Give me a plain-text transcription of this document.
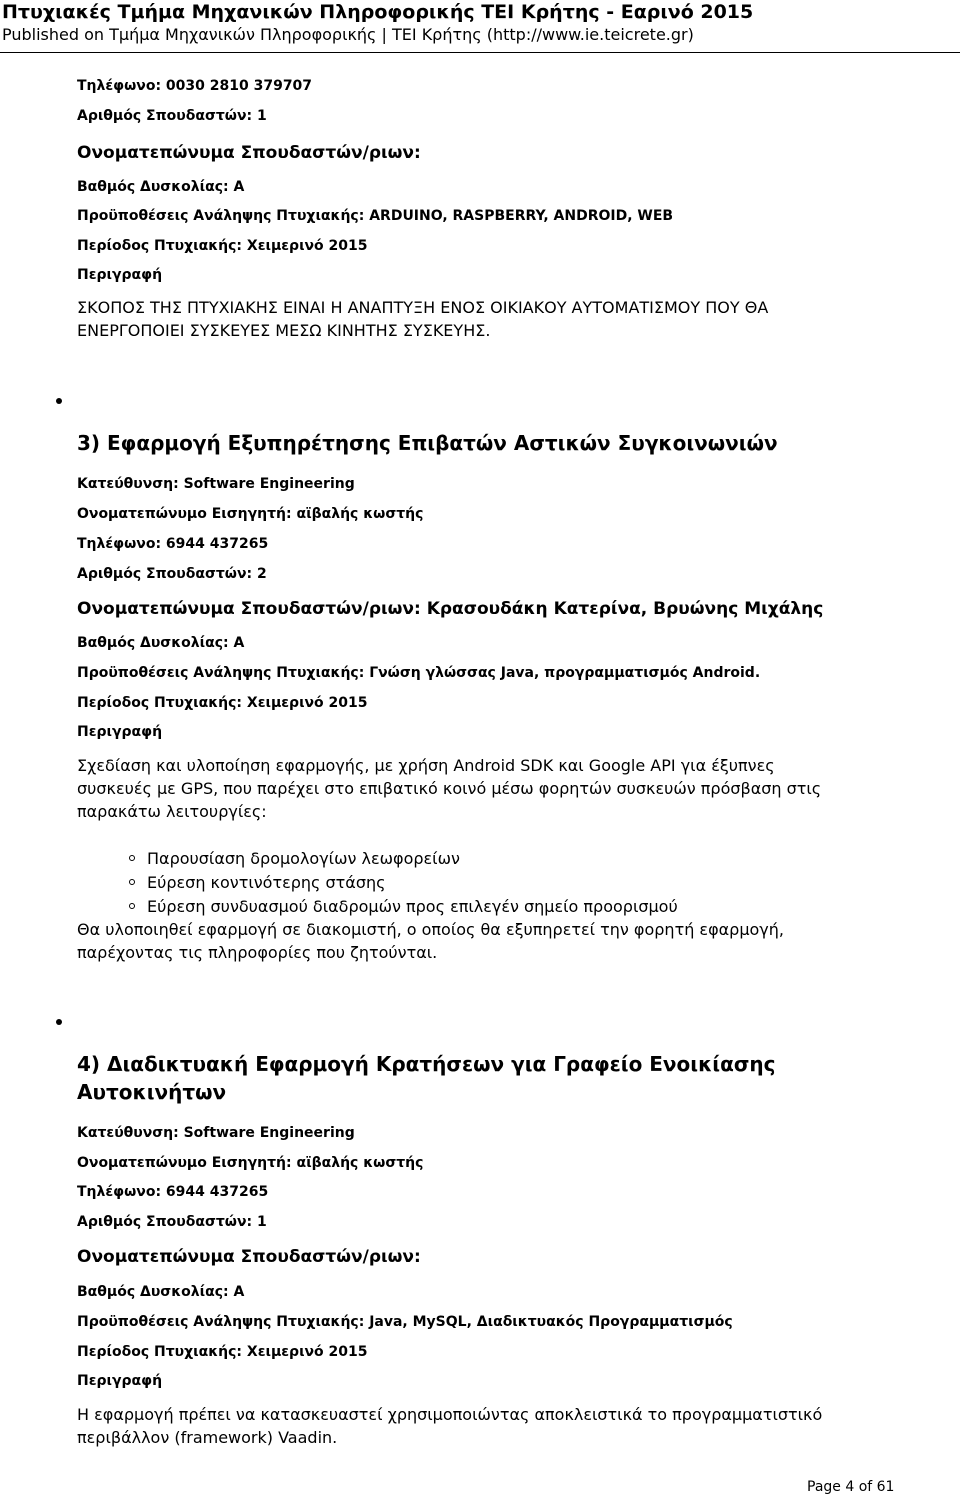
Πτυχιακές Τμήμα Μηχανικών Πληροφορικής ΤΕΙ Κρήτης - Εαρινό 2015
Published on Τμήμα Μηχανικών Πληροφορικής | ΤΕΙ Κρήτης (http://www.ie.teicrete.gr)
Τηλέφωνο: 0030 2810 379707
Αριθμός Σπουδαστών: 1
Ονοματεπώνυμα Σπουδαστών/ριων:
Βαθμός Δυσκολίας: A
Προϋποθέσεις Ανάληψης Πτυχιακής: ARDUINO, RASPBERRY, ANDROID, WEB
Περίοδος Πτυχιακής: Χειμερινό 2015
Περιγραφή
ΣΚΟΠΟΣ ΤΗΣ ΠΤΥΧΙΑΚΗΣ ΕΙΝΑΙ Η ΑΝΑΠΤΥΞΗ ΕΝΟΣ ΟΙΚΙΑΚΟΥ ΑΥΤΟΜΑΤΙΣΜΟΥ ΠΟΥ ΘΑ
ΕΝΕΡΓΟΠΟΙΕΙ ΣΥΣΚΕΥΕΣ ΜΕΣΩ ΚΙΝΗΤΗΣ ΣΥΣΚΕΥΗΣ.
3) Εφαρμογή Εξυπηρέτησης Επιβατών Αστικών Συγκοινωνιών
Κατεύθυνση: Software Engineering
Ονοματεπώνυμο Εισηγητή: αϊβαλής κωστής
Τηλέφωνο: 6944 437265
Αριθμός Σπουδαστών: 2
Ονοματεπώνυμα Σπουδαστών/ριων: Κρασουδάκη Κατερίνα, Βρυώνης Μιχάλης
Βαθμός Δυσκολίας: A
Προϋποθέσεις Ανάληψης Πτυχιακής: Γνώση γλώσσας Java, προγραμματισμός Android.
Περίοδος Πτυχιακής: Χειμερινό 2015
Περιγραφή
Σχεδίαση και υλοποίηση εφαρμογής, με χρήση Android SDK και Google API για έξυπνες
συσκευές με GPS, που παρέχει στο επιβατικό κοινό μέσω φορητών συσκευών πρόσβαση στις
παρακάτω λειτουργίες:
Παρουσίαση δρομολογίων λεωφορείων
Εύρεση κοντινότερης στάσης
Εύρεση συνδυασμού διαδρομών προς επιλεγέν σημείο προορισμού
Θα υλοποιηθεί εφαρμογή σε διακομιστή, ο οποίος θα εξυπηρετεί την φορητή εφαρμογή,
παρέχοντας τις πληροφορίες που ζητούνται.
4) Διαδικτυακή Εφαρμογή Κρατήσεων για Γραφείο Ενοικίασης
Αυτοκινήτων
Κατεύθυνση: Software Engineering
Ονοματεπώνυμο Εισηγητή: αϊβαλής κωστής
Τηλέφωνο: 6944 437265
Αριθμός Σπουδαστών: 1
Ονοματεπώνυμα Σπουδαστών/ριων:
Βαθμός Δυσκολίας: A
Προϋποθέσεις Ανάληψης Πτυχιακής: Java, MySQL, Διαδικτυακός Προγραμματισμός
Περίοδος Πτυχιακής: Χειμερινό 2015
Περιγραφή
Η εφαρμογή πρέπει να κατασκευαστεί χρησιμοποιώντας αποκλειστικά το προγραμματιστικό
περιβάλλον (framework) Vaadin.
Page 4 of 61
